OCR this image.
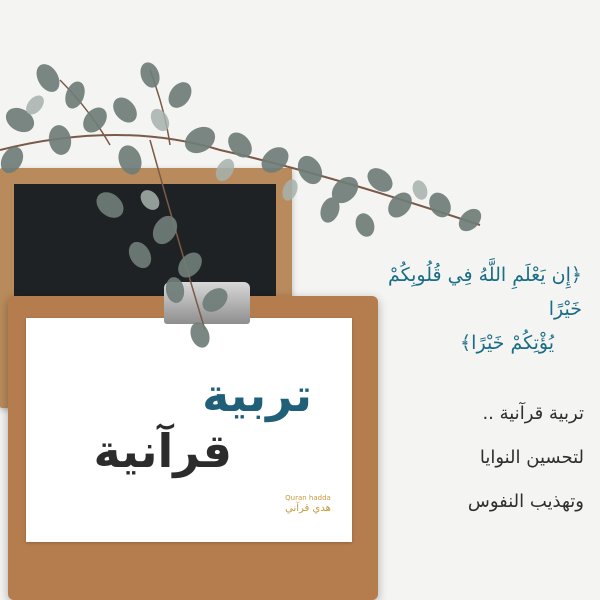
تربية
قرآنية
Quran hadda
هدي قرآني
﴿إِن يَعْلَمِ اللَّهُ فِي قُلُوبِكُمْ خَيْرًا
يُؤْتِكُمْ خَيْرًا﴾
تربية قرآنية ..
لتحسين النوايا
وتهذيب النفوس
